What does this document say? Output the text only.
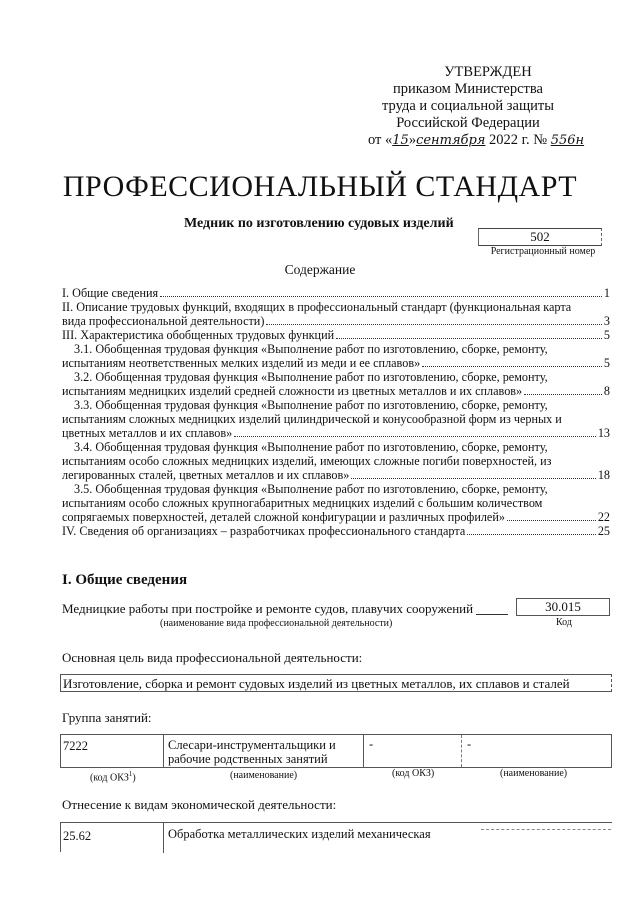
УТВЕРЖДЕН
приказом Министерства
труда и социальной защиты
Российской Федерации
от «15»сентября 2022 г. № 556н
ПРОФЕССИОНАЛЬНЫЙ СТАНДАРТ
Медник по изготовлению судовых изделий
502
Регистрационный номер
Содержание
I. Общие сведения	1
II. Описание трудовых функций, входящих в профессиональный стандарт (функциональная карта
вида профессиональной деятельности)	3
III. Характеристика обобщенных трудовых функций	5
3.1. Обобщенная трудовая функция «Выполнение работ по изготовлению, сборке, ремонту,
испытаниям неответственных мелких изделий из меди и ее сплавов»	5
3.2. Обобщенная трудовая функция «Выполнение работ по изготовлению, сборке, ремонту,
испытаниям медницких изделий средней сложности из цветных металлов и их сплавов»	8
3.3. Обобщенная трудовая функция «Выполнение работ по изготовлению, сборке, ремонту,
испытаниям сложных медницких изделий цилиндрической и конусообразной форм из черных и
цветных металлов и их сплавов»	13
3.4. Обобщенная трудовая функция «Выполнение работ по изготовлению, сборке, ремонту,
испытаниям особо сложных медницких изделий, имеющих сложные погиби поверхностей, из
легированных сталей, цветных металлов и их сплавов»	18
3.5. Обобщенная трудовая функция «Выполнение работ по изготовлению, сборке, ремонту,
испытаниям особо сложных крупногабаритных медницких изделий с большим количеством
сопрягаемых поверхностей, деталей сложной конфигурации и различных профилей»	22
IV. Сведения об организациях – разработчиках профессионального стандарта	25
I. Общие сведения
Медницкие работы при постройке и ремонте судов, плавучих сооружений	30.015
(наименование вида профессиональной деятельности)	Код
Основная цель вида профессиональной деятельности:
Изготовление, сборка и ремонт судовых изделий из цветных металлов, их сплавов и сталей
Группа занятий:
7222	Слесари-инструментальщики и рабочие родственных занятий
-	-
(код ОКЗ$^1$)	(наименование)	(код ОКЗ)	(наименование)
Отнесение к видам экономической деятельности:
25.62	Обработка металлических изделий механическая
